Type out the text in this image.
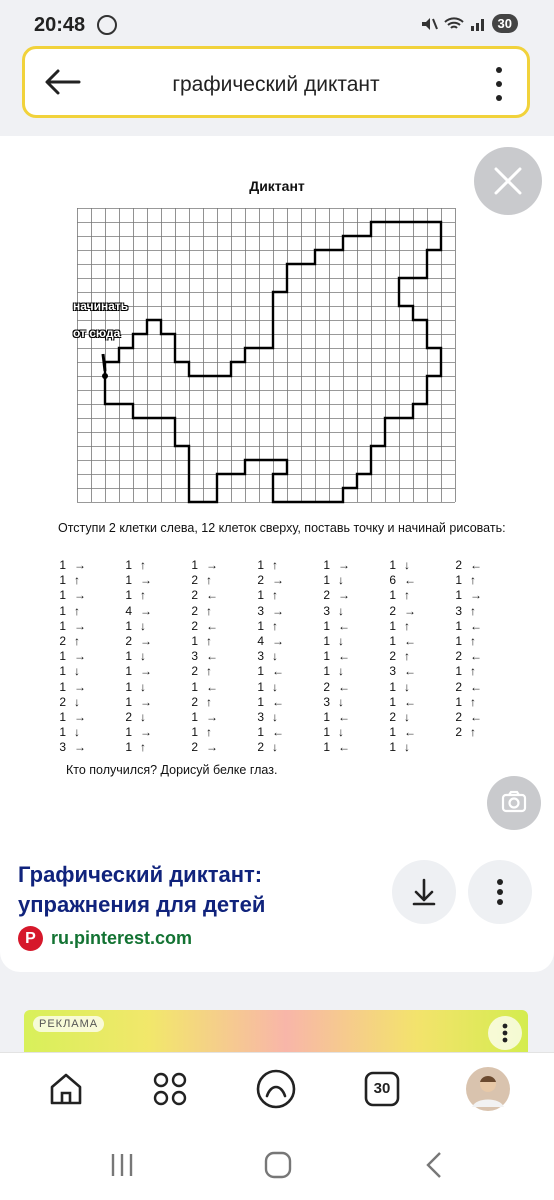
20:48	30
графический диктант
Диктант
начинать
от сюда
Отступи 2 клетки слева, 12 клеток сверху, поставь точку и начинай рисовать:
1 →
1 ↑
1 →
1 ↑
1 →
2 ↑
1 →
1 ↓
1 →
2 ↓
1 →
1 ↓
3 →
1 ↑
1 →
1 ↑
4 →
1 ↓
2 →
1 ↓
1 →
1 ↓
1 →
2 ↓
1 →
1 ↑
1 →
2 ↑
2 ←
2 ↑
2 ←
1 ↑
3 ←
2 ↑
1 ←
2 ↑
1 →
1 ↑
2 →
1 ↑
2 →
1 ↑
3 →
1 ↑
4 →
3 ↓
1 ←
1 ↓
1 ←
3 ↓
1 ←
2 ↓
1 →
1 ↓
2 →
3 ↓
1 ←
1 ↓
1 ←
1 ↓
2 ←
3 ↓
1 ←
1 ↓
1 ←
1 ↓
6 ←
1 ↑
2 →
1 ↑
1 ←
2 ↑
3 ←
1 ↓
1 ←
2 ↓
1 ←
1 ↓
2 ←
1 ↑
1 →
3 ↑
1 ←
1 ↑
2 ←
1 ↑
2 ←
1 ↑
2 ←
2 ↑
Кто получился? Дорисуй белке глаз.
Графический диктант: упражнения для детей
P ru.pinterest.com
РЕКЛАМА
30
